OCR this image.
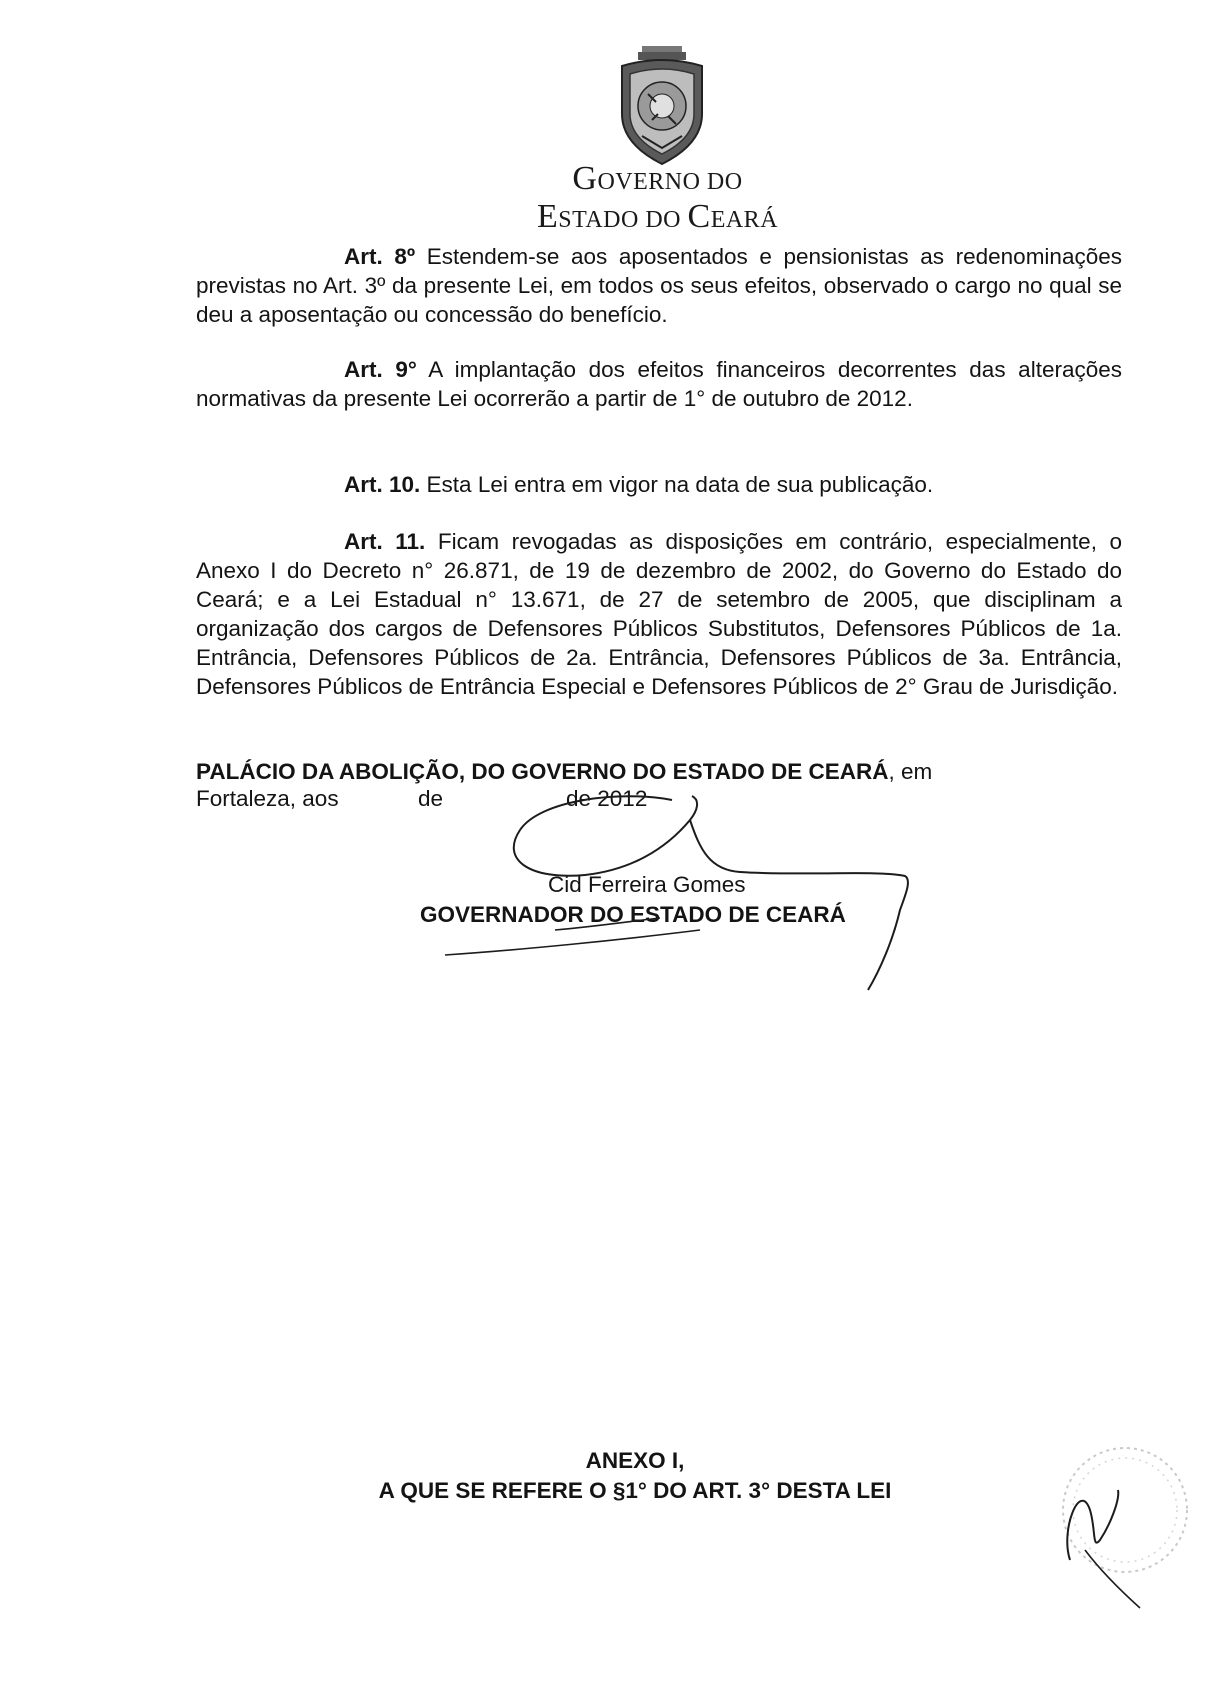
GOVERNO DO
ESTADO DO CEARÁ
Art. 8º Estendem-se aos aposentados e pensionistas as redenominações previstas no Art. 3º da presente Lei, em todos os seus efeitos, observado o cargo no qual se deu a aposentação ou concessão do benefício.
Art. 9° A implantação dos efeitos financeiros decorrentes das alterações normativas da presente Lei ocorrerão a partir de 1° de outubro de 2012.
Art. 10. Esta Lei entra em vigor na data de sua publicação.
Art. 11. Ficam revogadas as disposições em contrário, especialmente, o Anexo I do Decreto n° 26.871, de 19 de dezembro de 2002, do Governo do Estado do Ceará; e a Lei Estadual n° 13.671, de 27 de setembro de 2005, que disciplinam a organização dos cargos de Defensores Públicos Substitutos, Defensores Públicos de 1a. Entrância, Defensores Públicos de 2a. Entrância, Defensores Públicos de 3a. Entrância, Defensores Públicos de Entrância Especial e Defensores Públicos de 2° Grau de Jurisdição.
PALÁCIO DA ABOLIÇÃO, DO GOVERNO DO ESTADO DE CEARÁ, em
Fortaleza, aos	de	de 2012
Cid Ferreira Gomes
GOVERNADOR DO ESTADO DE CEARÁ
ANEXO I,
A QUE SE REFERE O §1° DO ART. 3° DESTA LEI
